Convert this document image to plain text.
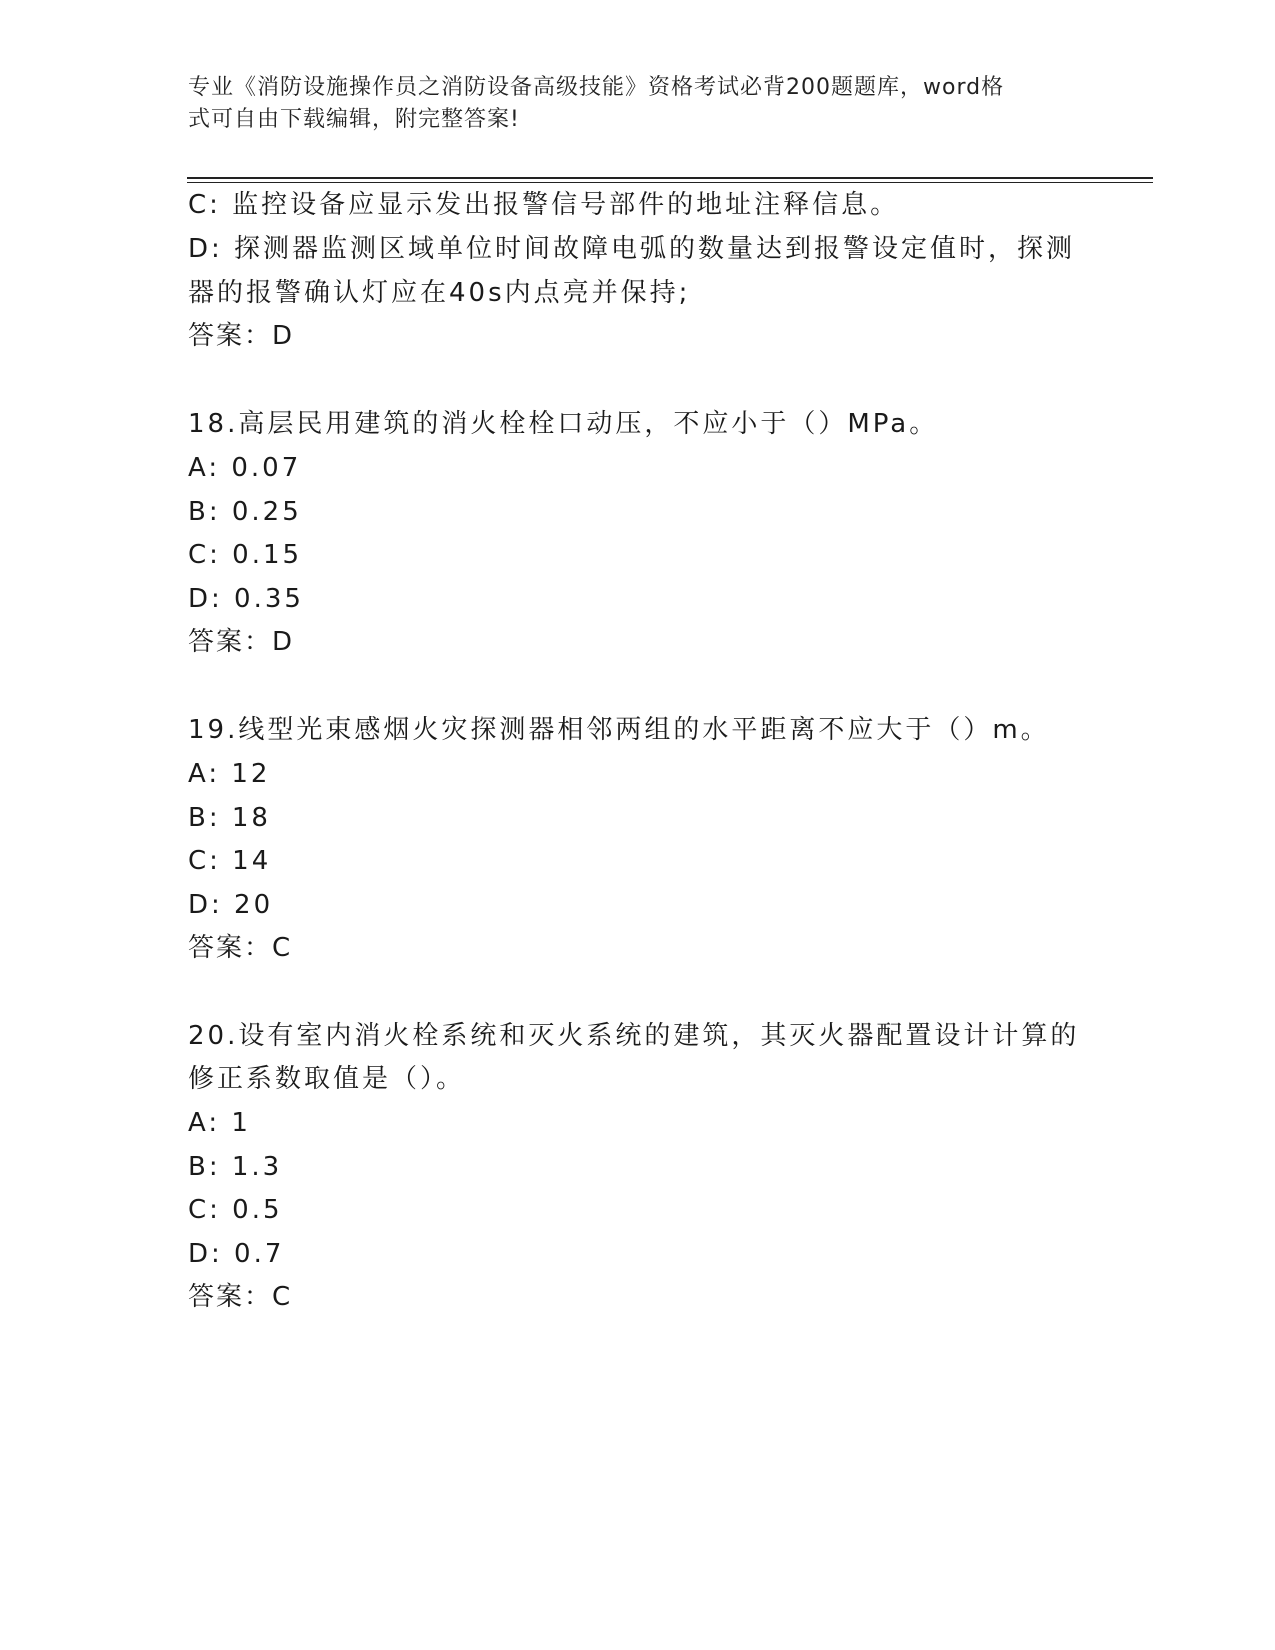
专业《消防设施操作员之消防设备高级技能》资格考试必背200题题库，word格
式可自由下载编辑，附完整答案!
C: 监控设备应显示发出报警信号部件的地址注释信息。
D: 探测器监测区域单位时间故障电弧的数量达到报警设定值时，探测
器的报警确认灯应在40s内点亮并保持;
答案：D
18.高层民用建筑的消火栓栓口动压，不应小于（）MPa。
A: 0.07
B: 0.25
C: 0.15
D: 0.35
答案：D
19.线型光束感烟火灾探测器相邻两组的水平距离不应大于（）m。
A: 12
B: 18
C: 14
D: 20
答案：C
20.设有室内消火栓系统和灭火系统的建筑，其灭火器配置设计计算的
修正系数取值是（）。
A: 1
B: 1.3
C: 0.5
D: 0.7
答案：C
